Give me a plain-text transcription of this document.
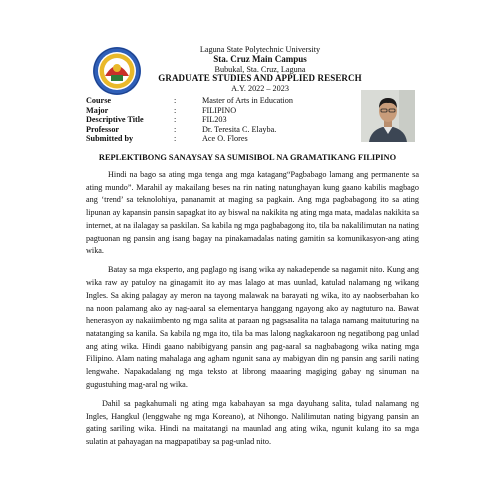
Laguna State Polytechnic University
Sta. Cruz Main Campus
Bubukal, Sta. Cruz, Laguna
GRADUATE STUDIES AND APPLIED RESERCH
A.Y. 2022 – 2023
Course	:	Master of Arts in Education
Major	:	FILIPINO
Descriptive Title	:	FIL203
Professor	:	Dr. Teresita C. Elayba.
Submitted by	:	Ace O. Flores
REPLEKTIBONG SANAYSAY SA SUMISIBOL NA GRAMATIKANG FILIPINO

Hindi na bago sa ating mga tenga ang mga katagang“Pagbabago lamang ang permanente sa ating mundo”. Marahil ay makailang beses na rin nating natunghayan kung gaano kabilis magbago ang ‘trend’ sa teknolohiya, pananamit at maging sa pagkain. Ang mga pagbabagong ito sa ating lipunan ay kapansin pansin sapagkat ito ay biswal na nakikita ng ating mga mata, madalas nakikita sa internet, at na ilalagay sa paskilan. Sa kabila ng mga pagbabagong ito, tila ba nakalilimutan na nating pagtuonan ng pansin ang isang bagay na pinakamadalas nating gamitin sa komunikasyon-ang ating wika.

Batay sa mga eksperto, ang paglago ng isang wika ay nakadepende sa nagamit nito. Kung ang wika raw ay patuloy na ginagamit ito ay mas lalago at mas uunlad, katulad nalamang ng wikang Ingles. Sa aking palagay ay meron na tayong malawak na barayati ng wika, ito ay naobserbahan ko na noon palamang ako ay nag-aaral sa elementarya hanggang ngayong ako ay nagtuturo na. Bawat henerasyon ay nakaiimbento ng mga salita at paraan ng pagsasalita na talaga namang maituturing na natatanging sa kanila. Sa kabila ng mga ito, tila ba mas lalong nagkakaroon ng negatibong pag unlad ang ating wika. Hindi gaano nabibigyang pansin ang pag-aaral sa nagbabagong wika nating mga Filipino. Alam nating mahalaga ang agham ngunit sana ay mabigyan din ng pansin ang sarili nating lengwahe. Napakadalang ng mga teksto at librong maaaring magiging gabay ng sinuman na gugustuhing mag-aral ng wika.

Dahil sa pagkahumali ng ating mga kabahayan sa mga dayuhang salita, tulad nalamang ng Ingles, Hangkul (lenggwahe ng mga Koreano), at Nihongo. Nalilimutan nating bigyang pansin an gating sariling wika. Hindi na maitatangi na maunlad ang ating wika, ngunit kulang ito sa mga sulatin at pahayagan na magpapatibay sa pag-unlad nito.
